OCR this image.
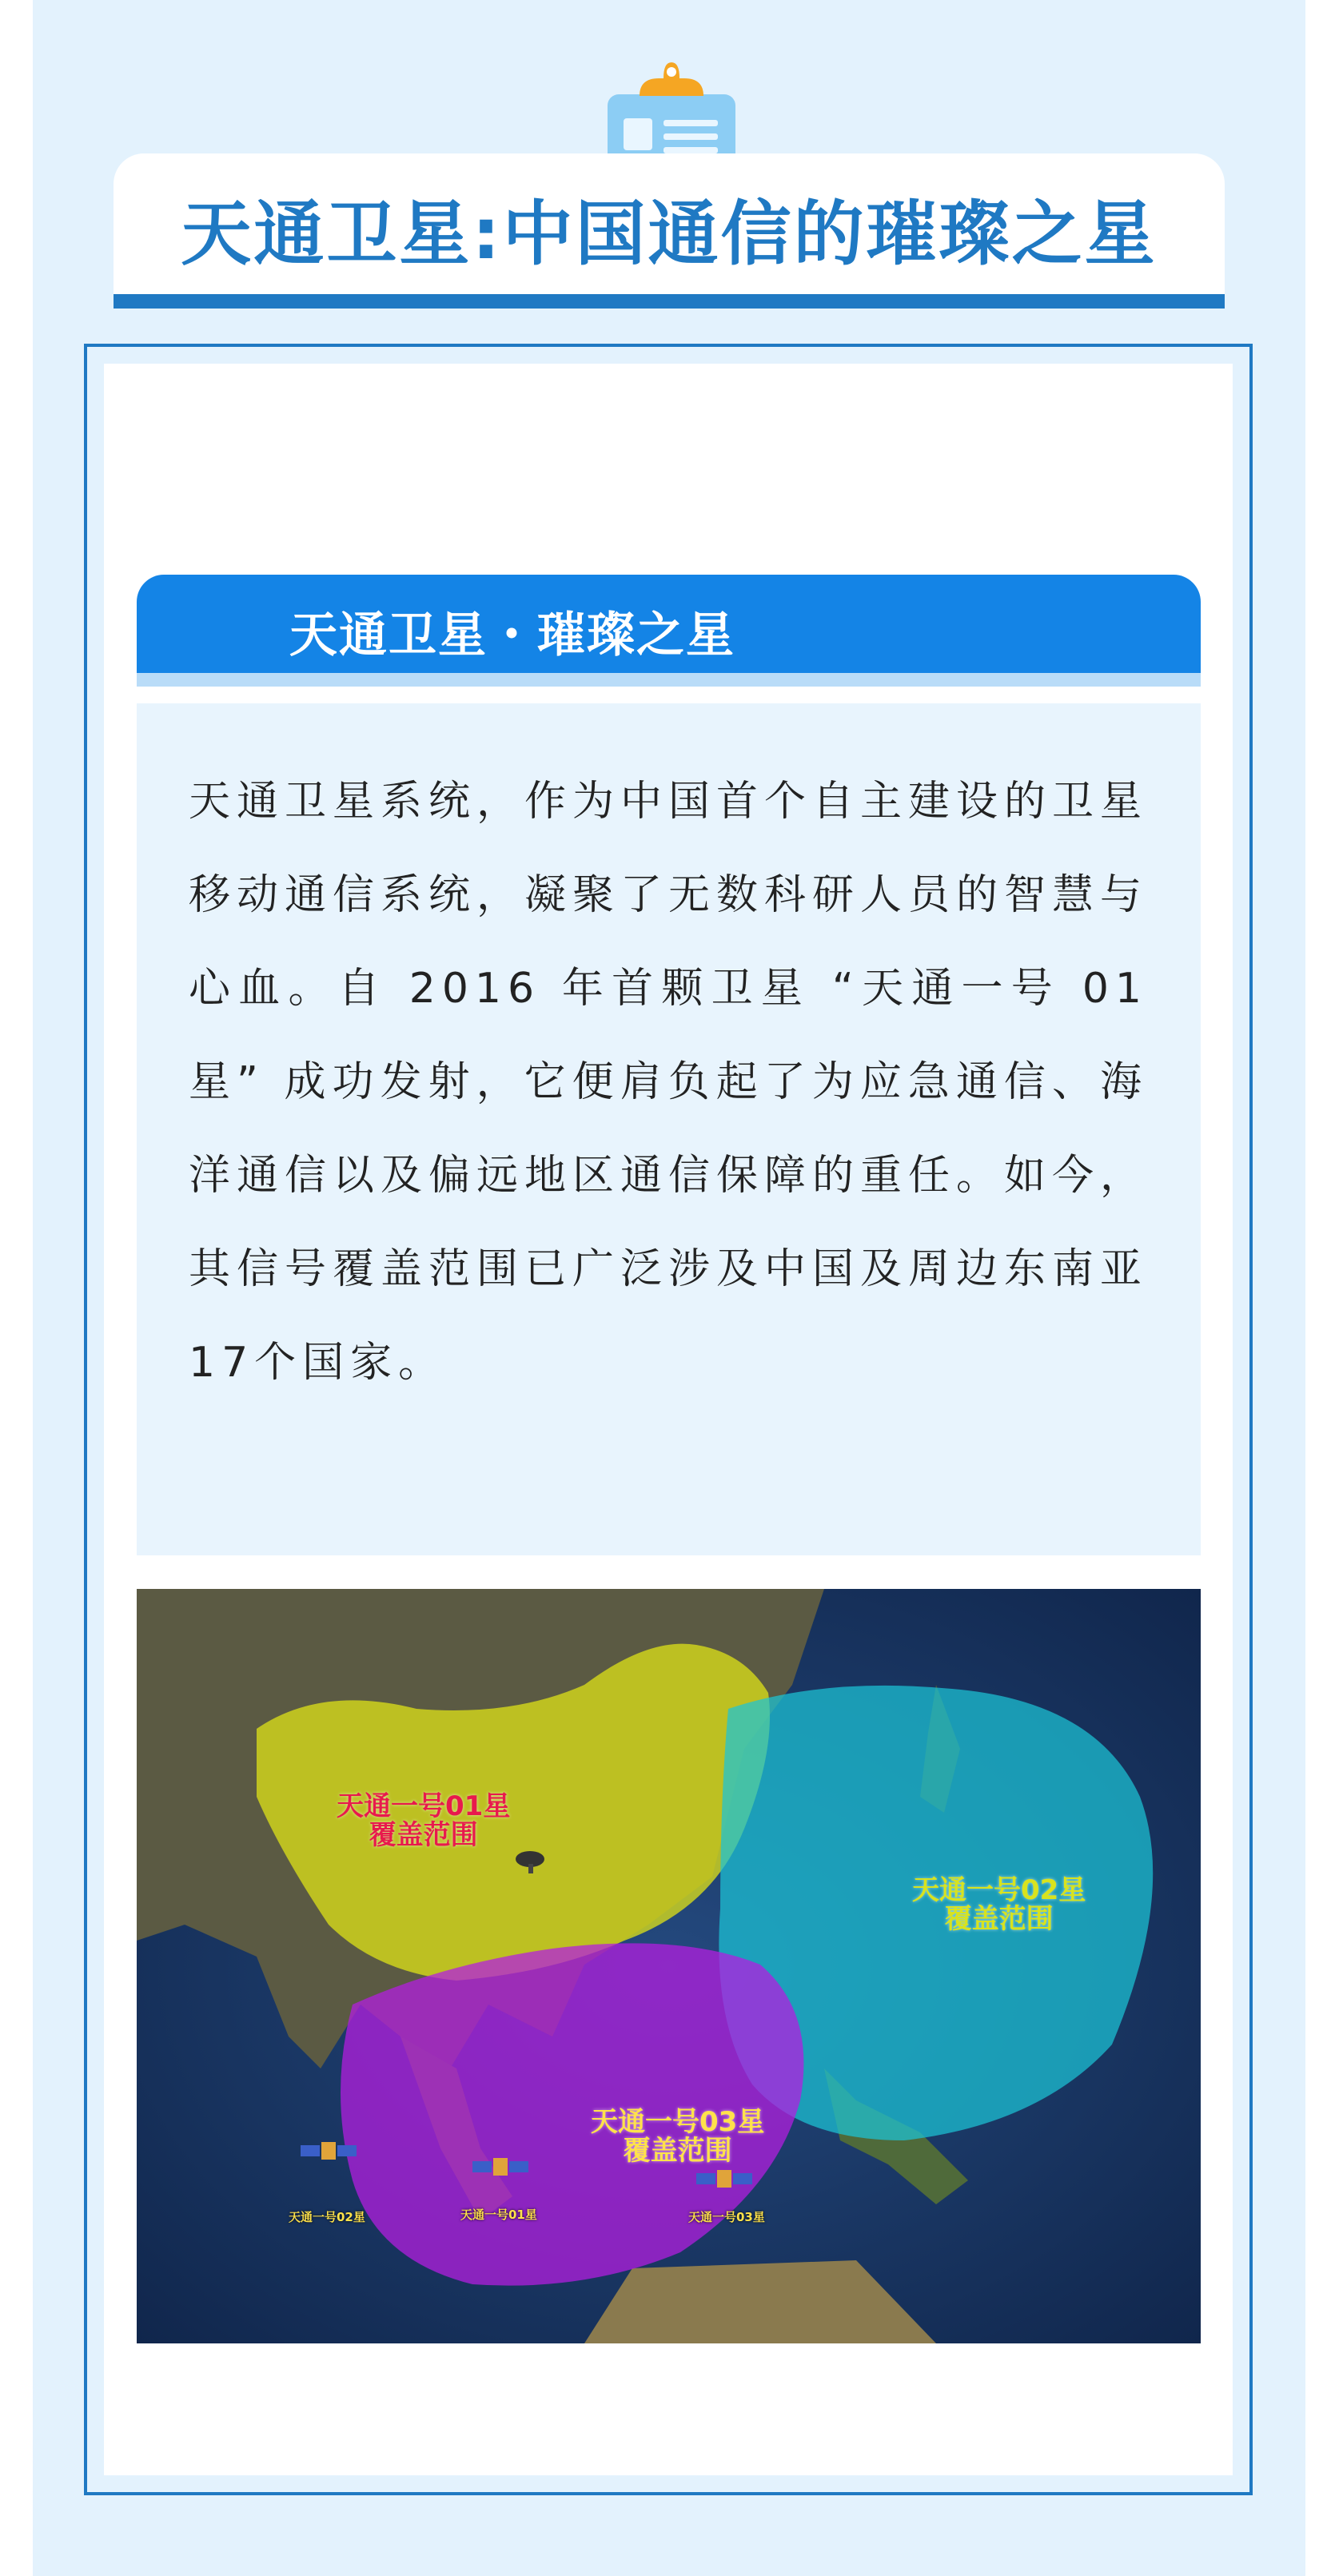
天通卫星:中国通信的璀璨之星
天通卫星・璀璨之星

天通卫星系统，作为中国首个自主建设的卫星移动通信系统，凝聚了无数科研人员的智慧与心血。自 2016 年首颗卫星 “天通一号 01 星” 成功发射，它便肩负起了为应急通信、海洋通信以及偏远地区通信保障的重任。如今，其信号覆盖范围已广泛涉及中国及周边东南亚17个国家。

天通一号01星
覆盖范围
天通一号02星
覆盖范围
天通一号03星
覆盖范围
天通一号02星	天通一号01星	天通一号03星
